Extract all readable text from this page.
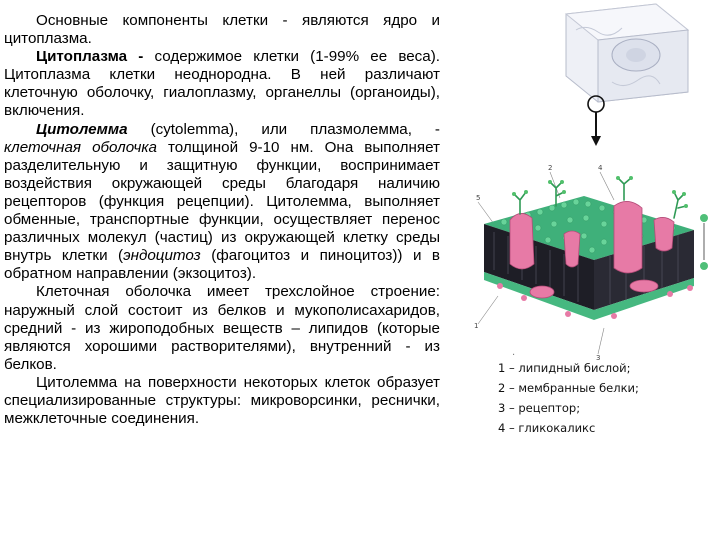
Основные компоненты клетки - являются ядро и цитоплазма.

Цитоплазма - содержимое клетки (1-99% ее веса). Цитоплазма клетки неоднородна. В ней различают клеточную оболочку, гиалоплазму, органеллы (органоиды), включения.

Цитолемма (cytolemma), или плазмолемма, - клеточная оболочка толщиной 9-10 нм. Она выполняет разделительную и защитную функции, воспринимает воздействия окружающей среды благодаря наличию рецепторов (функция рецепции). Цитолемма, выполняет обменные, транспортные функции, осуществляет перенос различных молекул (частиц) из окружающей клетку среды внутрь клетки (эндоцитоз (фагоцитоз и пиноцитоз)) и в обратном направлении (экзоцитоз).

Клеточная оболочка имеет трехслойное строение: наружный слой состоит из белков и мукополисахаридов, средний - из жироподобных веществ – липидов (которые являются хорошими растворителями), внутренний - из белков.

Цитолемма на поверхности некоторых клеток образует специализированные структуры: микроворсинки, реснички, межклеточные соединения.

1
2
3
4
5
·
1 – липидный бислой;
2 – мембранные белки;
3 – рецептор;
4 – гликокаликс
